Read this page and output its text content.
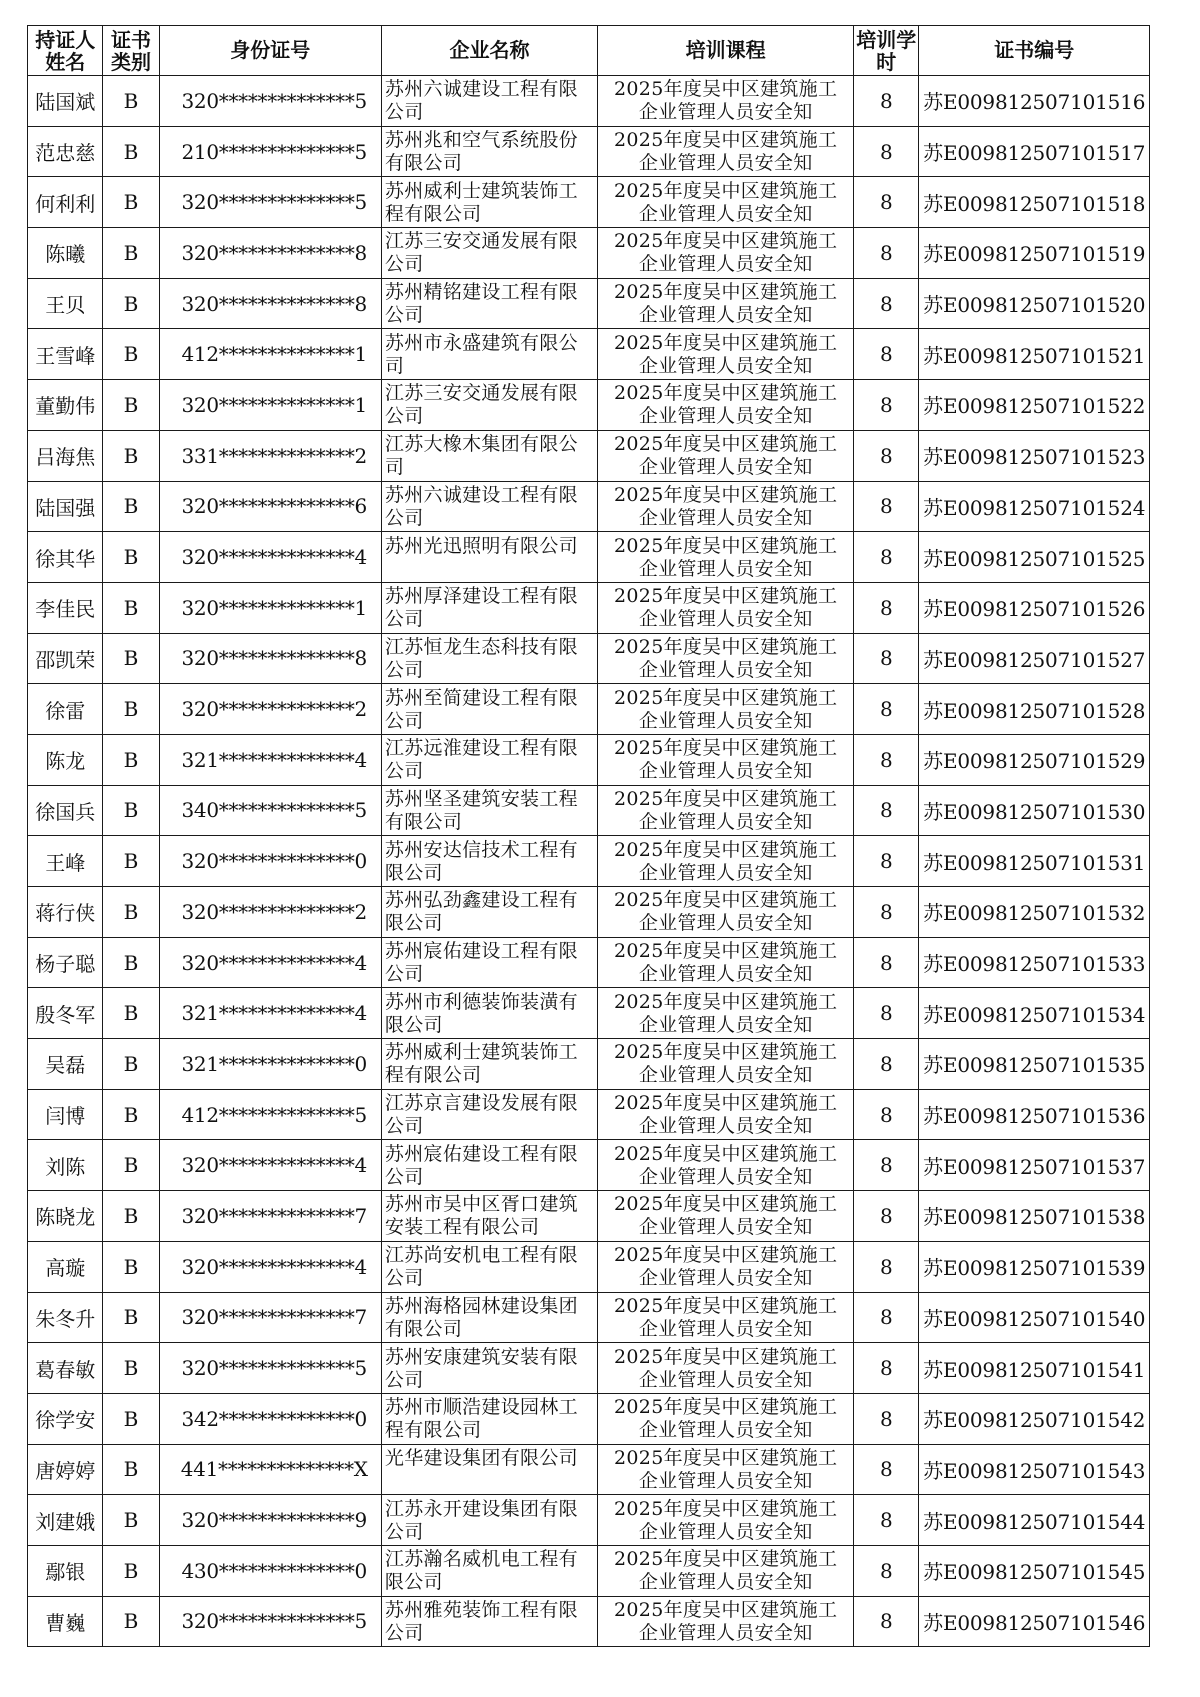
持证人姓名	证书类别	身份证号	企业名称	培训课程	培训学时	证书编号
陆国斌	B	320**************5	苏州六诚建设工程有限公司	2025年度吴中区建筑施工企业管理人员安全知	8	苏E009812507101516
范忠慈	B	210**************5	苏州兆和空气系统股份有限公司	2025年度吴中区建筑施工企业管理人员安全知	8	苏E009812507101517
何利利	B	320**************5	苏州威利士建筑装饰工程有限公司	2025年度吴中区建筑施工企业管理人员安全知	8	苏E009812507101518
陈曦	B	320**************8	江苏三安交通发展有限公司	2025年度吴中区建筑施工企业管理人员安全知	8	苏E009812507101519
王贝	B	320**************8	苏州精铭建设工程有限公司	2025年度吴中区建筑施工企业管理人员安全知	8	苏E009812507101520
王雪峰	B	412**************1	苏州市永盛建筑有限公司	2025年度吴中区建筑施工企业管理人员安全知	8	苏E009812507101521
董勤伟	B	320**************1	江苏三安交通发展有限公司	2025年度吴中区建筑施工企业管理人员安全知	8	苏E009812507101522
吕海焦	B	331**************2	江苏大橡木集团有限公司	2025年度吴中区建筑施工企业管理人员安全知	8	苏E009812507101523
陆国强	B	320**************6	苏州六诚建设工程有限公司	2025年度吴中区建筑施工企业管理人员安全知	8	苏E009812507101524
徐其华	B	320**************4	苏州光迅照明有限公司	2025年度吴中区建筑施工企业管理人员安全知	8	苏E009812507101525
李佳民	B	320**************1	苏州厚泽建设工程有限公司	2025年度吴中区建筑施工企业管理人员安全知	8	苏E009812507101526
邵凯荣	B	320**************8	江苏恒龙生态科技有限公司	2025年度吴中区建筑施工企业管理人员安全知	8	苏E009812507101527
徐雷	B	320**************2	苏州至简建设工程有限公司	2025年度吴中区建筑施工企业管理人员安全知	8	苏E009812507101528
陈龙	B	321**************4	江苏远淮建设工程有限公司	2025年度吴中区建筑施工企业管理人员安全知	8	苏E009812507101529
徐国兵	B	340**************5	苏州坚圣建筑安装工程有限公司	2025年度吴中区建筑施工企业管理人员安全知	8	苏E009812507101530
王峰	B	320**************0	苏州安达信技术工程有限公司	2025年度吴中区建筑施工企业管理人员安全知	8	苏E009812507101531
蒋行侠	B	320**************2	苏州弘劲鑫建设工程有限公司	2025年度吴中区建筑施工企业管理人员安全知	8	苏E009812507101532
杨子聪	B	320**************4	苏州宸佑建设工程有限公司	2025年度吴中区建筑施工企业管理人员安全知	8	苏E009812507101533
殷冬军	B	321**************4	苏州市利德装饰装潢有限公司	2025年度吴中区建筑施工企业管理人员安全知	8	苏E009812507101534
吴磊	B	321**************0	苏州威利士建筑装饰工程有限公司	2025年度吴中区建筑施工企业管理人员安全知	8	苏E009812507101535
闫博	B	412**************5	江苏京言建设发展有限公司	2025年度吴中区建筑施工企业管理人员安全知	8	苏E009812507101536
刘陈	B	320**************4	苏州宸佑建设工程有限公司	2025年度吴中区建筑施工企业管理人员安全知	8	苏E009812507101537
陈晓龙	B	320**************7	苏州市吴中区胥口建筑安装工程有限公司	2025年度吴中区建筑施工企业管理人员安全知	8	苏E009812507101538
高璇	B	320**************4	江苏尚安机电工程有限公司	2025年度吴中区建筑施工企业管理人员安全知	8	苏E009812507101539
朱冬升	B	320**************7	苏州海格园林建设集团有限公司	2025年度吴中区建筑施工企业管理人员安全知	8	苏E009812507101540
葛春敏	B	320**************5	苏州安康建筑安装有限公司	2025年度吴中区建筑施工企业管理人员安全知	8	苏E009812507101541
徐学安	B	342**************0	苏州市顺浩建设园林工程有限公司	2025年度吴中区建筑施工企业管理人员安全知	8	苏E009812507101542
唐婷婷	B	441**************X	光华建设集团有限公司	2025年度吴中区建筑施工企业管理人员安全知	8	苏E009812507101543
刘建娥	B	320**************9	江苏永开建设集团有限公司	2025年度吴中区建筑施工企业管理人员安全知	8	苏E009812507101544
鄢银	B	430**************0	江苏瀚名威机电工程有限公司	2025年度吴中区建筑施工企业管理人员安全知	8	苏E009812507101545
曹巍	B	320**************5	苏州雅苑装饰工程有限公司	2025年度吴中区建筑施工企业管理人员安全知	8	苏E009812507101546
